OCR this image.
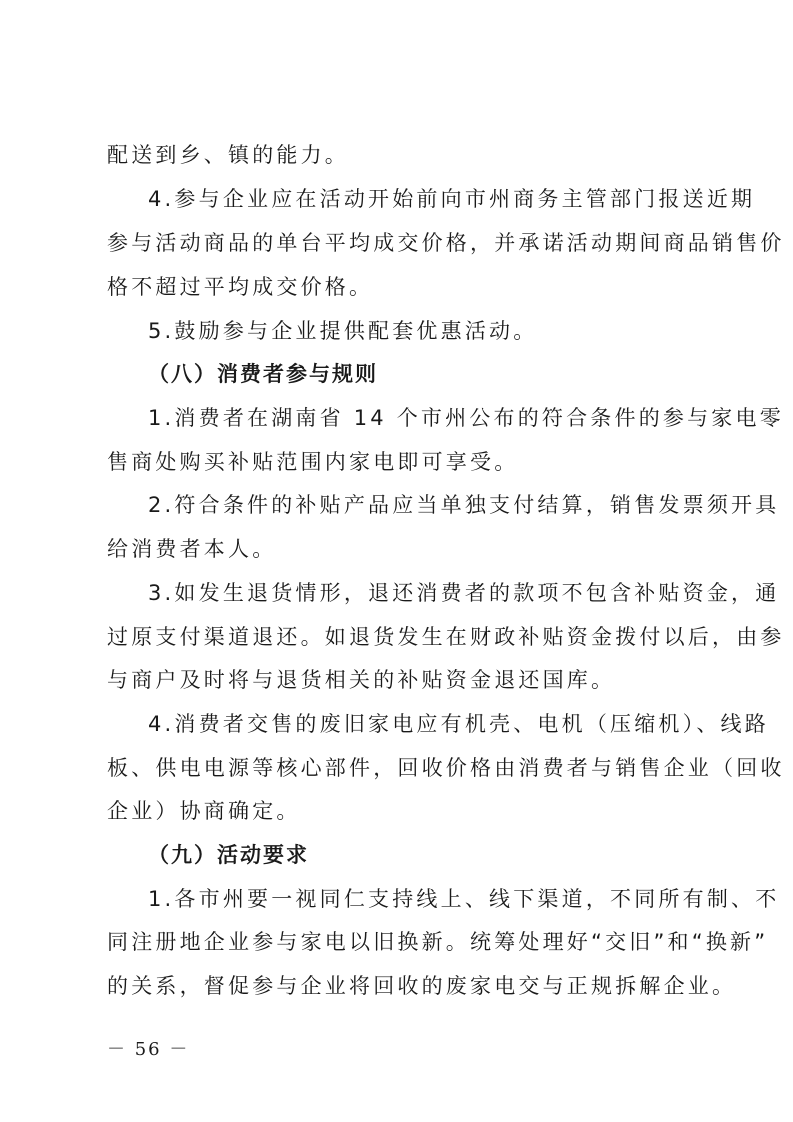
配送到乡、镇的能力。
4.参与企业应在活动开始前向市州商务主管部门报送近期
参与活动商品的单台平均成交价格，并承诺活动期间商品销售价
格不超过平均成交价格。
5.鼓励参与企业提供配套优惠活动。
（八）消费者参与规则
1.消费者在湖南省 14 个市州公布的符合条件的参与家电零
售商处购买补贴范围内家电即可享受。
2.符合条件的补贴产品应当单独支付结算，销售发票须开具
给消费者本人。
3.如发生退货情形，退还消费者的款项不包含补贴资金，通
过原支付渠道退还。如退货发生在财政补贴资金拨付以后，由参
与商户及时将与退货相关的补贴资金退还国库。
4.消费者交售的废旧家电应有机壳、电机（压缩机）、线路
板、供电电源等核心部件，回收价格由消费者与销售企业（回收
企业）协商确定。
（九）活动要求
1.各市州要一视同仁支持线上、线下渠道，不同所有制、不
同注册地企业参与家电以旧换新。统筹处理好“交旧”和“换新”
的关系，督促参与企业将回收的废家电交与正规拆解企业。
－ 56 －
